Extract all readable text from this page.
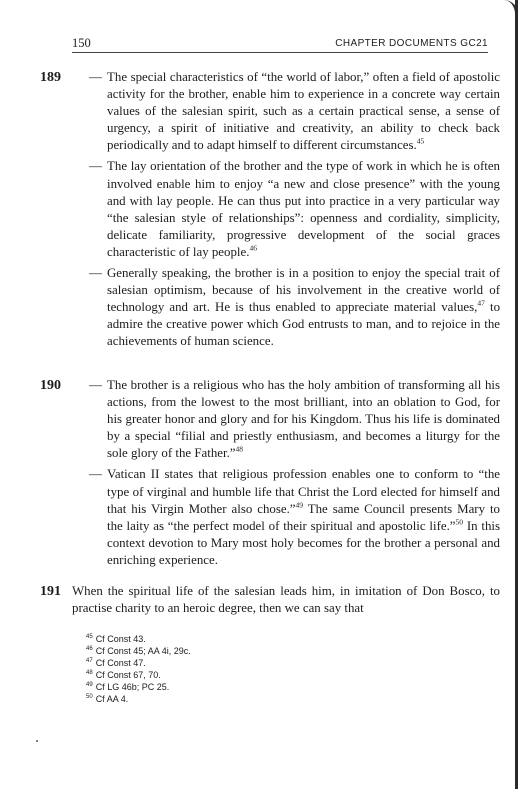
150	CHAPTER DOCUMENTS GC21
189 — The special characteristics of “the world of labor,” often a field of apostolic activity for the brother, enable him to experience in a concrete way certain values of the salesian spirit, such as a certain practical sense, a sense of urgency, a spirit of initiative and creativity, an ability to check back periodically and to adapt himself to different circumstances.$^{45}$
— The lay orientation of the brother and the type of work in which he is often involved enable him to enjoy “a new and close presence” with the young and with lay people. He can thus put into practice in a very particular way “the salesian style of relationships”: openness and cordiality, simplicity, delicate familiarity, progressive development of the social graces characteristic of lay people.$^{46}$
— Generally speaking, the brother is in a position to enjoy the special trait of salesian optimism, because of his involvement in the creative world of technology and art. He is thus enabled to appreciate material values,$^{47}$ to admire the creative power which God entrusts to man, and to rejoice in the achievements of human science.
190 — The brother is a religious who has the holy ambition of transforming all his actions, from the lowest to the most brilliant, into an oblation to God, for his greater honor and glory and for his Kingdom. Thus his life is dominated by a special “filial and priestly enthusiasm, and becomes a liturgy for the sole glory of the Father.”$^{48}$
— Vatican II states that religious profession enables one to conform to “the type of virginal and humble life that Christ the Lord elected for himself and that his Virgin Mother also chose.”$^{49}$ The same Council presents Mary to the laity as “the perfect model of their spiritual and apostolic life.”$^{50}$ In this context devotion to Mary most holy becomes for the brother a personal and enriching experience.
191 When the spiritual life of the salesian leads him, in imitation of Don Bosco, to practise charity to an heroic degree, then we can say that
$^{45}$ Cf Const 43.
$^{46}$ Cf Const 45; AA 4i, 29c.
$^{47}$ Cf Const 47.
$^{48}$ Cf Const 67, 70.
$^{49}$ Cf LG 46b; PC 25.
$^{50}$ Cf AA 4.
